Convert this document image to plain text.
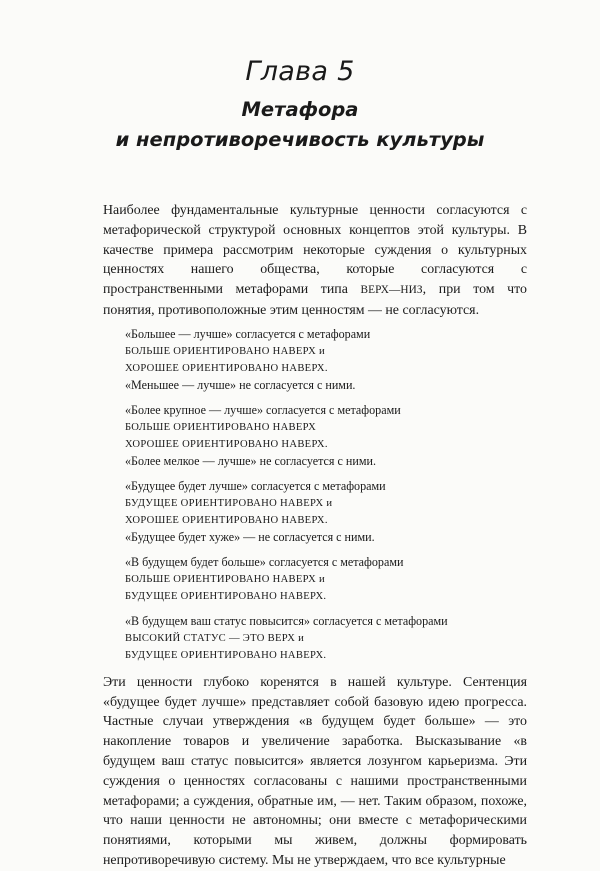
Глава 5
Метафора
и непротиворечивость культуры

Наиболее фундаментальные культурные ценности согласуются с метафорической структурой основных концептов этой культуры. В качестве примера рассмотрим некоторые суждения о культурных ценностях нашего общества, которые согласуются с пространственными метафорами типа ВЕРХ—НИЗ, при том что понятия, противоположные этим ценностям — не согласуются.

«Большее — лучше» согласуется с метафорами
БОЛЬШЕ ОРИЕНТИРОВАНО НАВЕРХ и
ХОРОШЕЕ ОРИЕНТИРОВАНО НАВЕРХ.
«Меньшее — лучше» не согласуется с ними.
«Более крупное — лучше» согласуется с метафорами
БОЛЬШЕ ОРИЕНТИРОВАНО НАВЕРХ
ХОРОШЕЕ ОРИЕНТИРОВАНО НАВЕРХ.
«Более мелкое — лучше» не согласуется с ними.
«Будущее будет лучше» согласуется с метафорами
БУДУЩЕЕ ОРИЕНТИРОВАНО НАВЕРХ и
ХОРОШЕЕ ОРИЕНТИРОВАНО НАВЕРХ.
«Будущее будет хуже» — не согласуется с ними.
«В будущем будет больше» согласуется с метафорами
БОЛЬШЕ ОРИЕНТИРОВАНО НАВЕРХ и
БУДУЩЕЕ ОРИЕНТИРОВАНО НАВЕРХ.
«В будущем ваш статус повысится» согласуется с метафорами
ВЫСОКИЙ СТАТУС — ЭТО ВЕРХ и
БУДУЩЕЕ ОРИЕНТИРОВАНО НАВЕРХ.

Эти ценности глубоко коренятся в нашей культуре. Сентенция «будущее будет лучше» представляет собой базовую идею прогресса. Частные случаи утверждения «в будущем будет больше» — это накопление товаров и увеличение заработка. Высказывание «в будущем ваш статус повысится» является лозунгом карьеризма. Эти суждения о ценностях согласованы с нашими пространственными метафорами; а суждения, обратные им, — нет. Таким образом, похоже, что наши ценности не автономны; они вместе с метафорическими понятиями, которыми мы живем, должны формировать непротиворечивую систему. Мы не утверждаем, что все культурные
